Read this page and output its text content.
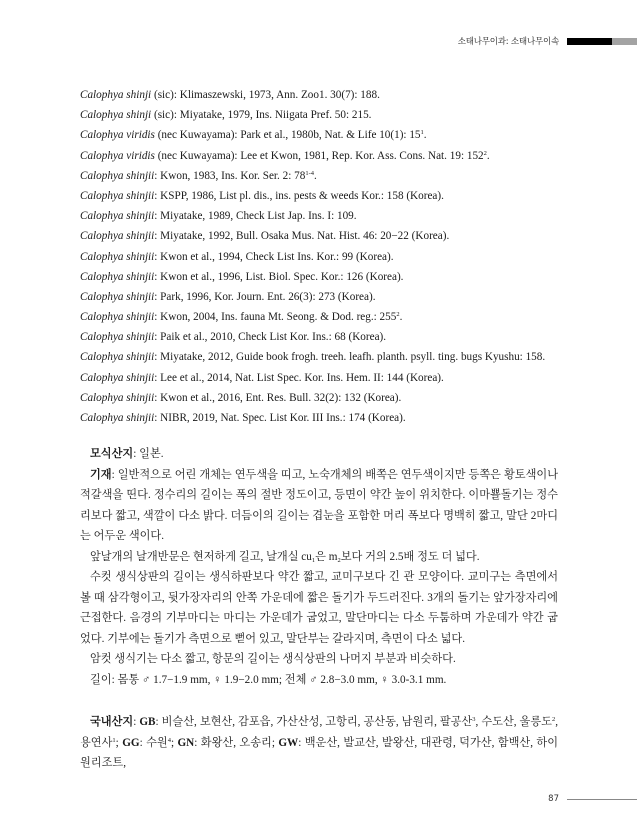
소태나무이과: 소태나무이속
Calophya shinji (sic): Klimaszewski, 1973, Ann. Zoo1. 30(7): 188.
Calophya shinji (sic): Miyatake, 1979, Ins. Niigata Pref. 50: 215.
Calophya viridis (nec Kuwayama): Park et al., 1980b, Nat. & Life 10(1): $15^1$.
Calophya viridis (nec Kuwayama): Lee et Kwon, 1981, Rep. Kor. Ass. Cons. Nat. 19: $152^2$.
Calophya shinjii: Kwon, 1983, Ins. Kor. Ser. 2: 78$^{1-4}$.
Calophya shinjii: KSPP, 1986, List pl. dis., ins. pests & weeds Kor.: 158 (Korea).
Calophya shinjii: Miyatake, 1989, Check List Jap. Ins. I: 109.
Calophya shinjii: Miyatake, 1992, Bull. Osaka Mus. Nat. Hist. 46: 20−22 (Korea).
Calophya shinjii: Kwon et al., 1994, Check List Ins. Kor.: 99 (Korea).
Calophya shinjii: Kwon et al., 1996, List. Biol. Spec. Kor.: 126 (Korea).
Calophya shinjii: Park, 1996, Kor. Journ. Ent. 26(3): 273 (Korea).
Calophya shinjii: Kwon, 2004, Ins. fauna Mt. Seong. & Dod. reg.: $255^2$.
Calophya shinjii: Paik et al., 2010, Check List Kor. Ins.: 68 (Korea).
Calophya shinjii: Miyatake, 2012, Guide book frogh. treeh. leafh. planth. psyll. ting. bugs Kyushu: 158.
Calophya shinjii: Lee et al., 2014, Nat. List Spec. Kor. Ins. Hem. II: 144 (Korea).
Calophya shinjii: Kwon et al., 2016, Ent. Res. Bull. 32(2): 132 (Korea).
Calophya shinjii: NIBR, 2019, Nat. Spec. List Kor. III Ins.: 174 (Korea).

모식산지: 일본.

기재: 일반적으로 어린 개체는 연두색을 띠고, 노숙개체의 배쪽은 연두색이지만 등쪽은 황토색이나 적갈색을 띤다. 정수리의 길이는 폭의 절반 정도이고, 등면이 약간 높이 위치한다. 이마뾸돌기는 정수리보다 짧고, 색깔이 다소 밝다. 더듬이의 길이는 겹눈을 포함한 머리 폭보다 명백히 짧고, 말단 2마디는 어두운 색이다.

앞날개의 날개반문은 현저하게 길고, 날개실 $cu_1$은 $m_2$보다 거의 2.5배 정도 더 넓다.

수컷 생식상판의 길이는 생식하판보다 약간 짧고, 교미구보다 긴 관 모양이다. 교미구는 측면에서 볼 때 삼각형이고, 뒷가장자리의 안쪽 가운데에 짧은 돌기가 두드러진다. 3개의 돌기는 앞가장자리에 근접한다. 음경의 기부마디는 마디는 가운데가 굽었고, 말단마디는 다소 두툼하며 가운데가 약간 굽었다. 기부에는 돌기가 측면으로 뻗어 있고, 말단부는 갈라지며, 측면이 다소 넓다.

암컷 생식기는 다소 짧고, 항문의 길이는 생식상판의 나머지 부분과 비슷하다.

길이: 몸통 ♂ 1.7−1.9 mm, ♀ 1.9−2.0 mm; 전체 ♂ 2.8−3.0 mm, ♀ 3.0-3.1 mm.

국내산지: GB: 비슬산, 보현산, 감포읍, 가산산성, 고항리, 공산동, 남원리, 팔공산$^3$, 수도산, 울릉도$^2$, 용연사$^1$; GG: 수원$^4$; GN: 화왕산, 오송리; GW: 백운산, 발교산, 발왕산, 대관령, 덕가산, 함백산, 하이원리조트,

87
